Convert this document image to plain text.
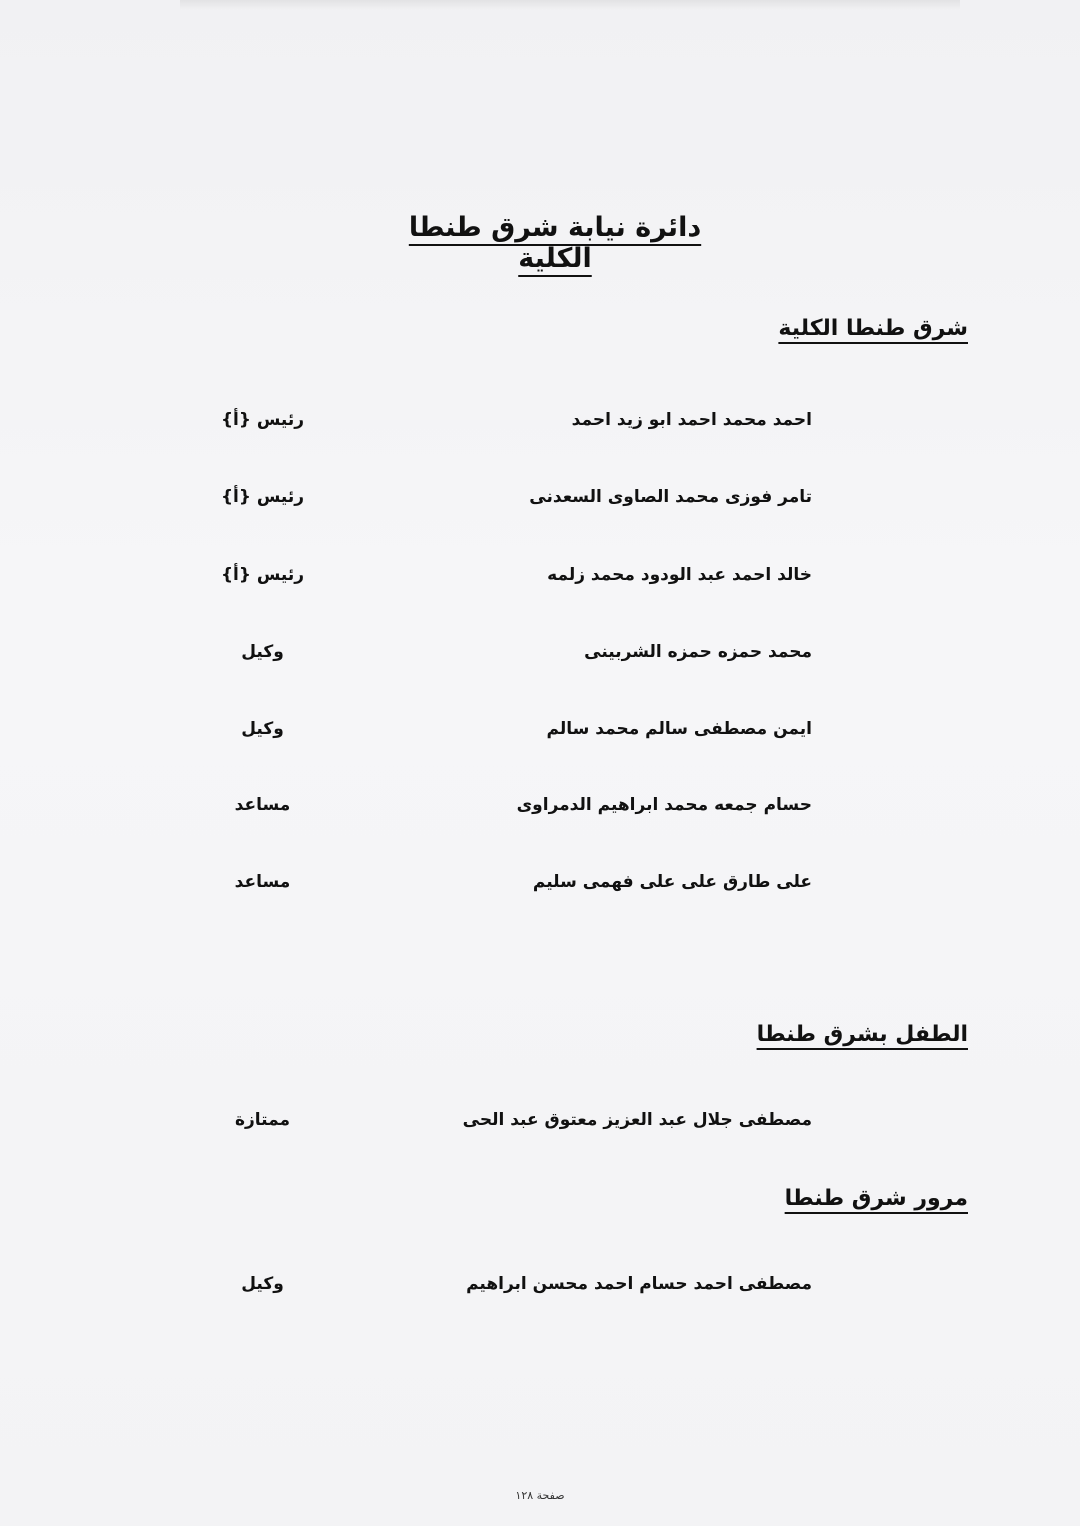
دائرة نيابة شرق طنطا الكلية
شرق طنطا الكلية
احمد محمد احمد ابو زيد احمد
رئيس {أ}
تامر فوزى محمد الصاوى السعدنى
رئيس {أ}
خالد احمد عبد الودود محمد زلمه
رئيس {أ}
محمد حمزه حمزه الشربينى
وكيل
ايمن مصطفى سالم محمد سالم
وكيل
حسام جمعه محمد ابراهيم الدمراوى
مساعد
على طارق على على فهمى سليم
مساعد
الطفل بشرق طنطا
مصطفى جلال عبد العزيز معتوق عبد الحى
ممتازة
مرور شرق طنطا
مصطفى احمد حسام احمد محسن ابراهيم
وكيل
صفحة ١٢٨
